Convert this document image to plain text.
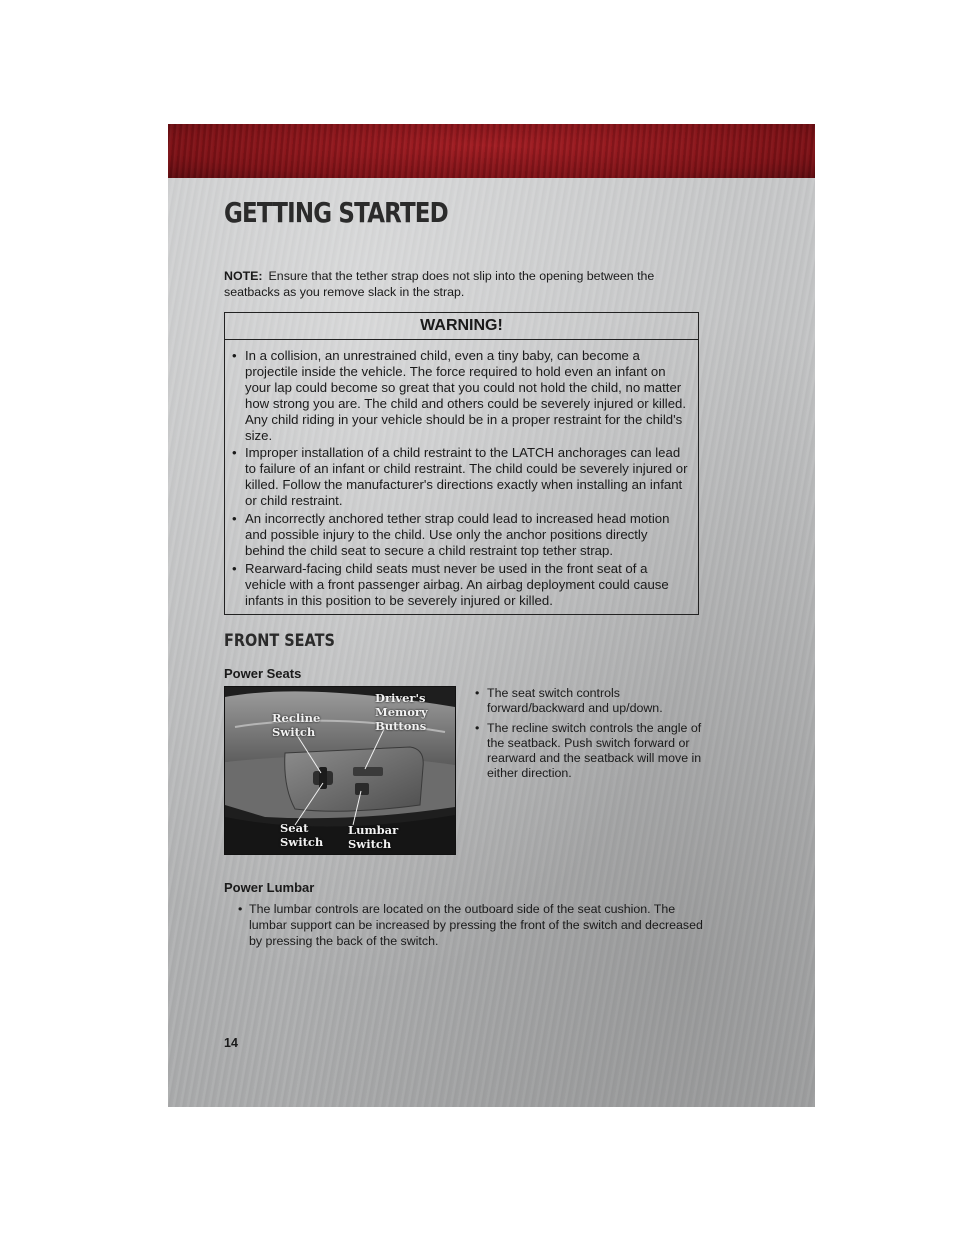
GETTING STARTED

NOTE: Ensure that the tether strap does not slip into the opening between the seatbacks as you remove slack in the strap.

WARNING!
• In a collision, an unrestrained child, even a tiny baby, can become a projectile inside the vehicle. The force required to hold even an infant on your lap could become so great that you could not hold the child, no matter how strong you are. The child and others could be severely injured or killed. Any child riding in your vehicle should be in a proper restraint for the child's size.
• Improper installation of a child restraint to the LATCH anchorages can lead to failure of an infant or child restraint. The child could be severely injured or killed. Follow the manufacturer's directions exactly when installing an infant or child restraint.
• An incorrectly anchored tether strap could lead to increased head motion and possible injury to the child. Use only the anchor positions directly behind the child seat to secure a child restraint top tether strap.
• Rearward-facing child seats must never be used in the front seat of a vehicle with a front passenger airbag. An airbag deployment could cause infants in this position to be severely injured or killed.
FRONT SEATS
Power Seats
Recline
Switch
Driver's
Memory
Buttons
Seat
Switch
Lumbar
Switch
• The seat switch controls forward/backward and up/down.
• The recline switch controls the angle of the seatback. Push switch forward or rearward and the seatback will move in either direction.
Power Lumbar
• The lumbar controls are located on the outboard side of the seat cushion. The lumbar support can be increased by pressing the front of the switch and decreased by pressing the back of the switch.

14
